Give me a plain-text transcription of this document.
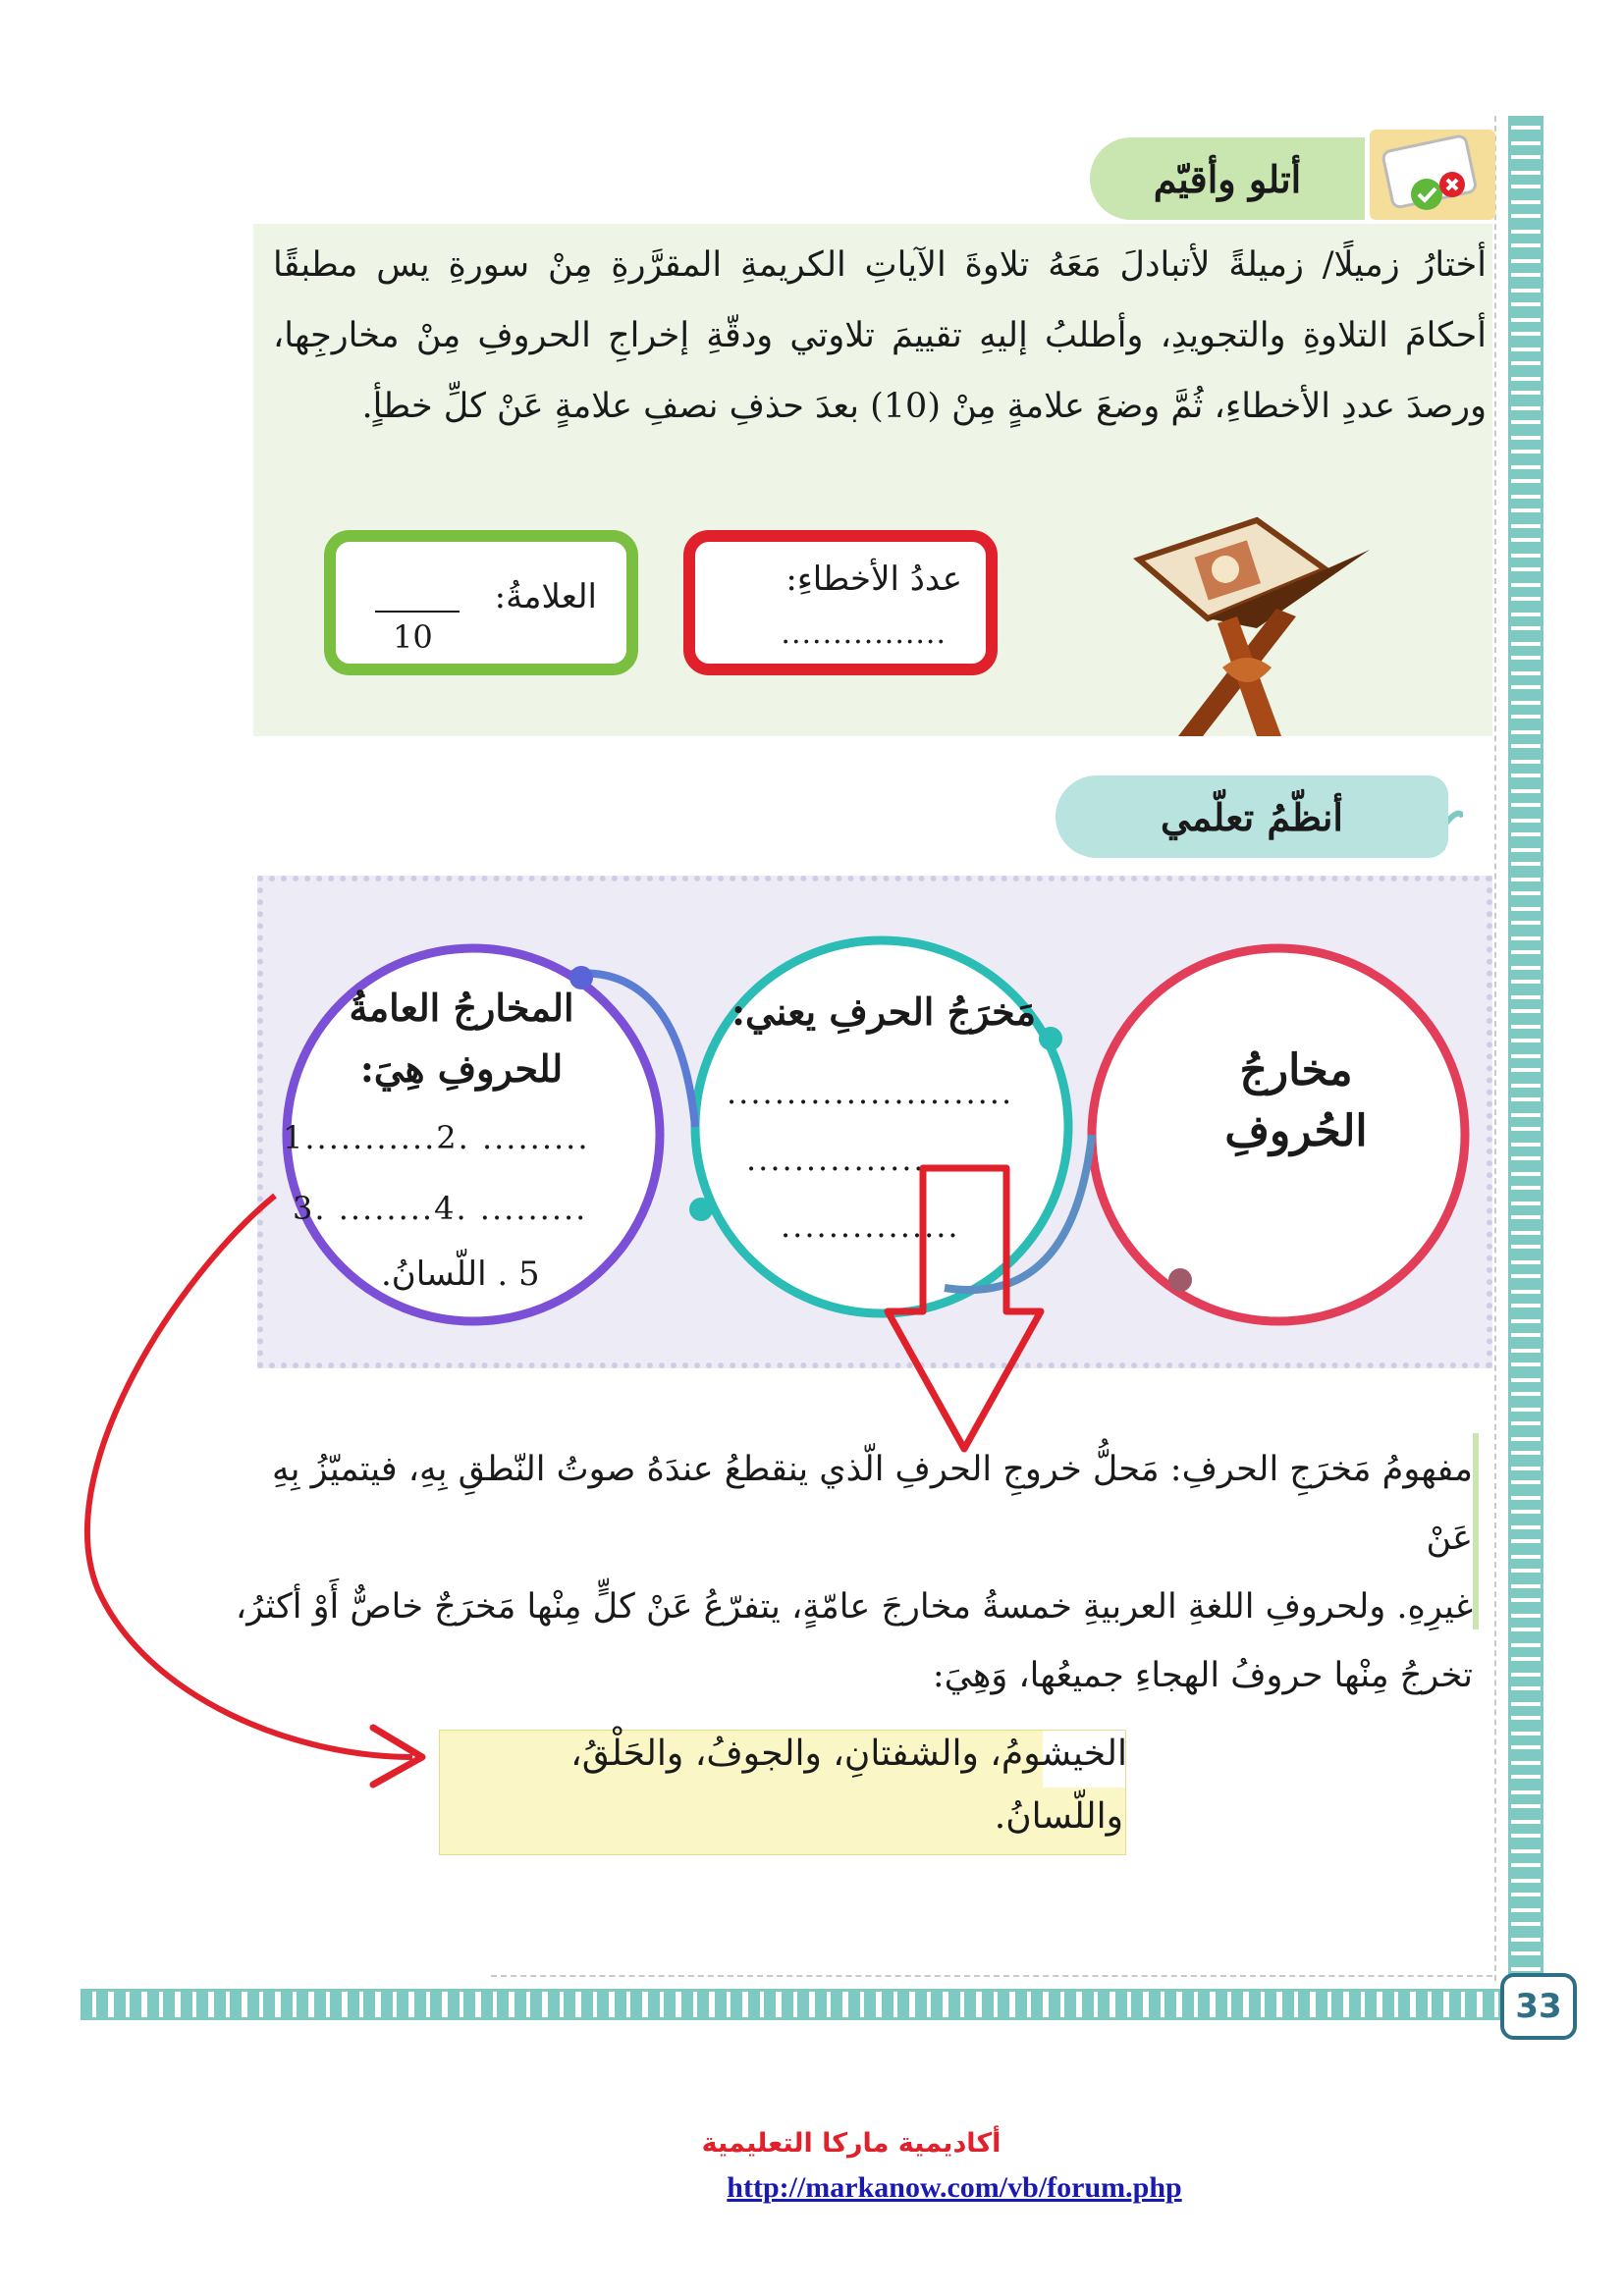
33
أتلو وأقيّم
أختارُ زميلًا/ زميلةً لأتبادلَ مَعَهُ تلاوةَ الآياتِ الكريمةِ المقرَّرةِ مِنْ سورةِ يس مطبقًا أحكامَ التلاوةِ والتجويدِ، وأطلبُ إليهِ تقييمَ تلاوتي ودقّةِ إخراجِ الحروفِ مِنْ مخارجِها، ورصدَ عددِ الأخطاءِ، ثُمَّ وضعَ علامةٍ مِنْ (10) بعدَ حذفِ نصفِ علامةٍ عَنْ كلِّ خطأٍ.
عددُ الأخطاءِ:
................
العلامةُ:
10
أنظّمُ تعلّمي
مخارجُ
الحُروفِ
مَخرَجُ الحرفِ يعني:
........................
....................
...............
المخارجُ العامةُ
للحروفِ هِيَ:
1...........2. .........
3. ........4. .........
5 . اللّسانُ.
مفهومُ مَخرَجِ الحرفِ: مَحلُّ خروجِ الحرفِ الّذي ينقطعُ عندَهُ صوتُ النّطقِ بِهِ، فيتميّزُ بِهِ عَنْ
غيرِهِ. ولحروفِ اللغةِ العربيةِ خمسةُ مخارجَ عامّةٍ، يتفرّعُ عَنْ كلٍّ مِنْها مَخرَجٌ خاصٌّ أَوْ أكثرُ،
تخرجُ مِنْها حروفُ الهجاءِ جميعُها، وَهِيَ:
الخيشومُ، والشفتانِ، والجوفُ، والحَلْقُ،
واللّسانُ.
أكاديمية ماركا التعليمية
http://markanow.com/vb/forum.php
